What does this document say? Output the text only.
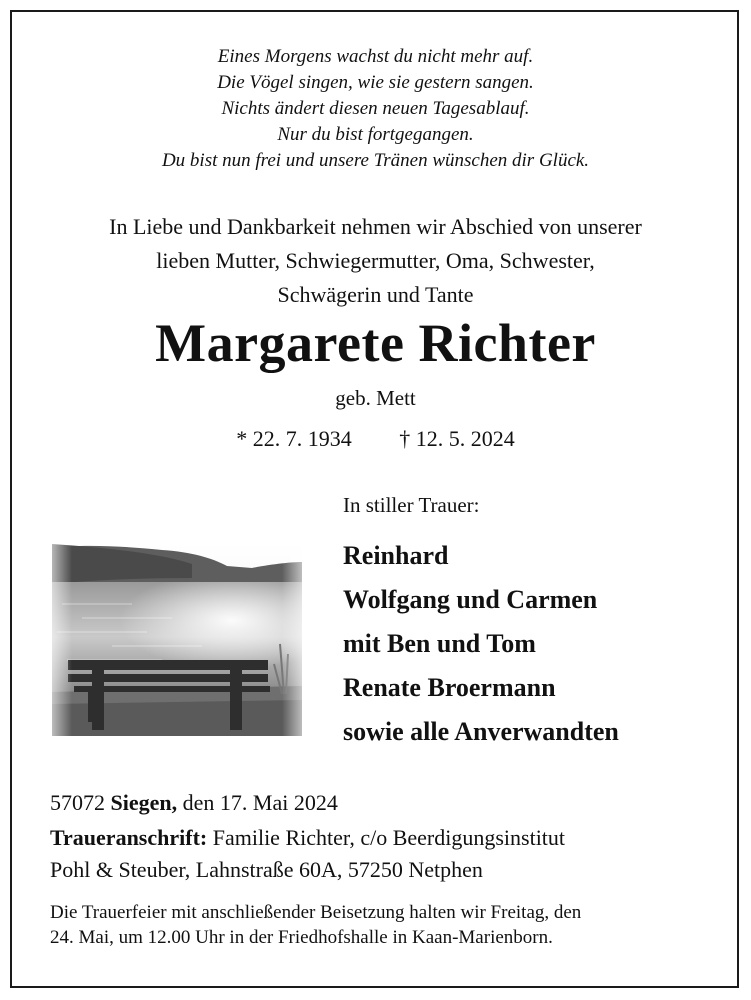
Eines Morgens wachst du nicht mehr auf.
Die Vögel singen, wie sie gestern sangen.
Nichts ändert diesen neuen Tagesablauf.
Nur du bist fortgegangen.
Du bist nun frei und unsere Tränen wünschen dir Glück.
In Liebe und Dankbarkeit nehmen wir Abschied von unserer
lieben Mutter, Schwiegermutter, Oma, Schwester,
Schwägerin und Tante
Margarete Richter
geb. Mett
* 22. 7. 1934 † 12. 5. 2024
In stiller Trauer:
Reinhard
Wolfgang und Carmen
mit Ben und Tom
Renate Broermann
sowie alle Anverwandten
57072 Siegen, den 17. Mai 2024
Traueranschrift: Familie Richter, c/o Beerdigungsinstitut
Pohl & Steuber, Lahnstraße 60A, 57250 Netphen
Die Trauerfeier mit anschließender Beisetzung halten wir Freitag, den
24. Mai, um 12.00 Uhr in der Friedhofshalle in Kaan-Marienborn.
